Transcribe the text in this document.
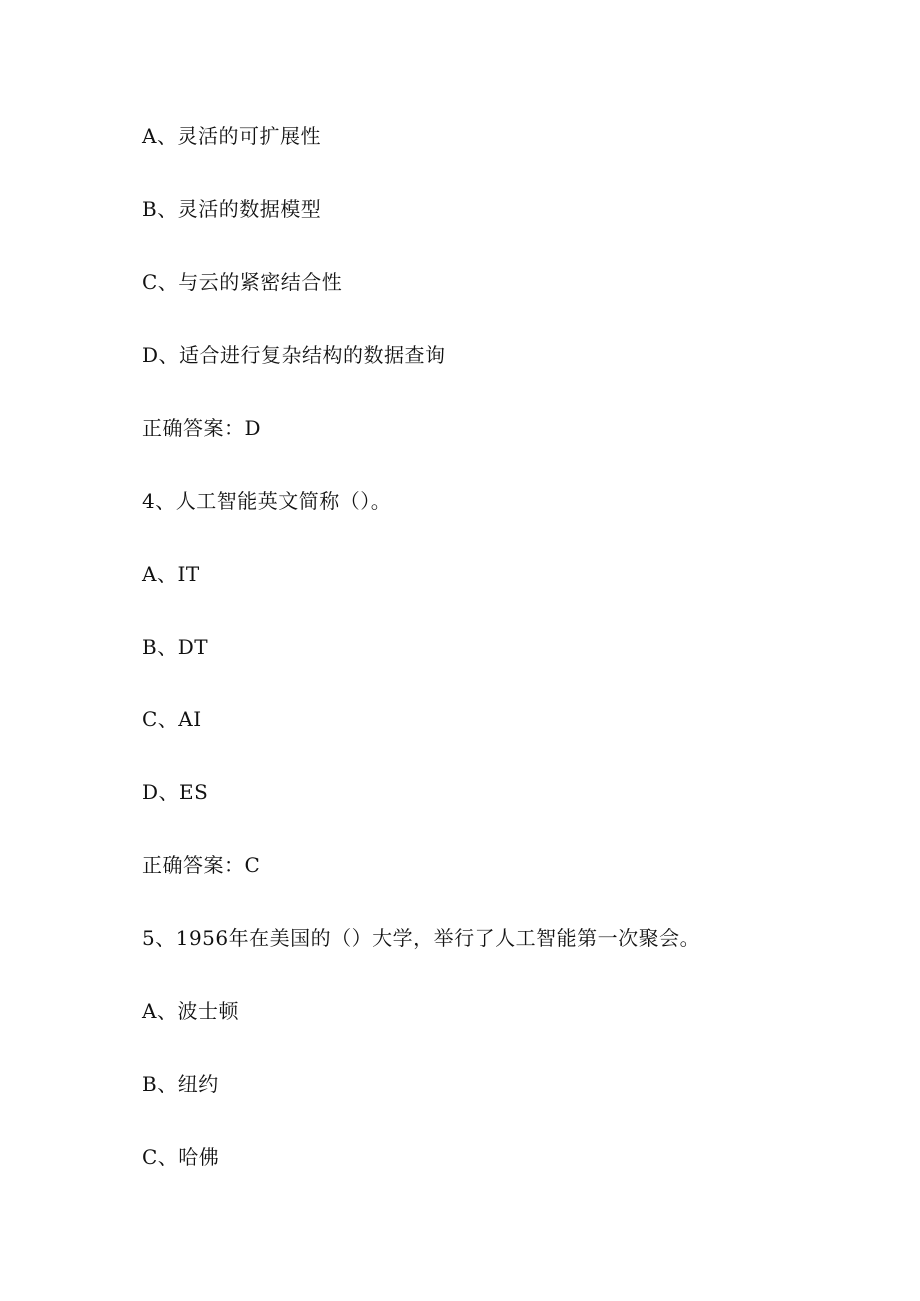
A、灵活的可扩展性
B、灵活的数据模型
C、与云的紧密结合性
D、适合进行复杂结构的数据查询
正确答案：D
4、人工智能英文简称（）。
A、IT
B、DT
C、AI
D、ES
正确答案：C
5、1956年在美国的（）大学，举行了人工智能第一次聚会。
A、波士顿
B、纽约
C、哈佛
